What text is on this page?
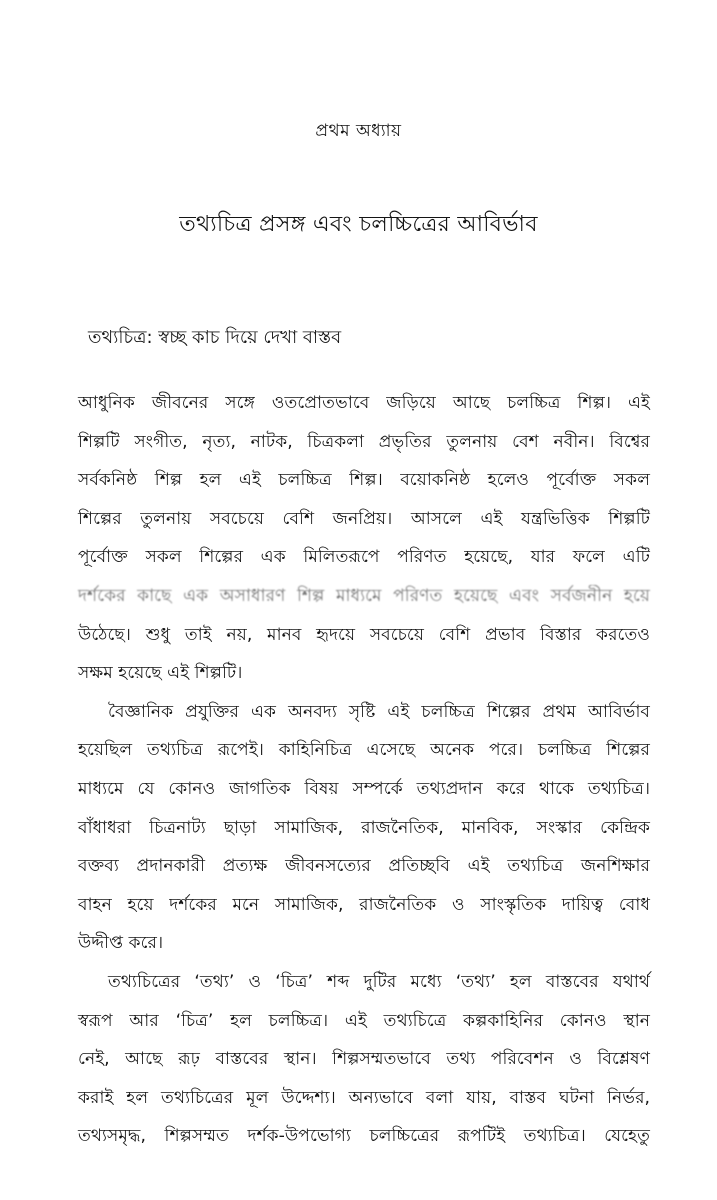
প্রথম অধ্যায়
তথ্যচিত্র প্রসঙ্গ এবং চলচ্চিত্রের আবির্ভাব
তথ্যচিত্র: স্বচ্ছ কাচ দিয়ে দেখা বাস্তব
আধুনিক জীবনের সঙ্গে ওতপ্রোতভাবে জড়িয়ে আছে চলচ্চিত্র শিল্প। এই
শিল্পটি সংগীত, নৃত্য, নাটক, চিত্রকলা প্রভৃতির তুলনায় বেশ নবীন। বিশ্বের
সর্বকনিষ্ঠ শিল্প হল এই চলচ্চিত্র শিল্প। বয়োকনিষ্ঠ হলেও পূর্বোক্ত সকল
শিল্পের তুলনায় সবচেয়ে বেশি জনপ্রিয়। আসলে এই যন্ত্রভিত্তিক শিল্পটি
পূর্বোক্ত সকল শিল্পের এক মিলিতরূপে পরিণত হয়েছে, যার ফলে এটি
দর্শকের কাছে এক অসাধারণ শিল্প মাধ্যমে পরিণত হয়েছে এবং সর্বজনীন হয়ে
উঠেছে। শুধু তাই নয়, মানব হৃদয়ে সবচেয়ে বেশি প্রভাব বিস্তার করতেও
সক্ষম হয়েছে এই শিল্পটি।
বৈজ্ঞানিক প্রযুক্তির এক অনবদ্য সৃষ্টি এই চলচ্চিত্র শিল্পের প্রথম আবির্ভাব
হয়েছিল তথ্যচিত্র রূপেই। কাহিনিচিত্র এসেছে অনেক পরে। চলচ্চিত্র শিল্পের
মাধ্যমে যে কোনও জাগতিক বিষয় সম্পর্কে তথ্যপ্রদান করে থাকে তথ্যচিত্র।
বাঁধাধরা চিত্রনাট্য ছাড়া সামাজিক, রাজনৈতিক, মানবিক, সংস্কার কেন্দ্রিক
বক্তব্য প্রদানকারী প্রত্যক্ষ জীবনসত্যের প্রতিচ্ছবি এই তথ্যচিত্র জনশিক্ষার
বাহন হয়ে দর্শকের মনে সামাজিক, রাজনৈতিক ও সাংস্কৃতিক দায়িত্ব বোধ
উদ্দীপ্ত করে।
তথ্যচিত্রের ‘তথ্য’ ও ‘চিত্র’ শব্দ দুটির মধ্যে ‘তথ্য’ হল বাস্তবের যথার্থ
স্বরূপ আর ‘চিত্র’ হল চলচ্চিত্র। এই তথ্যচিত্রে কল্পকাহিনির কোনও স্থান
নেই, আছে রূঢ় বাস্তবের স্থান। শিল্পসম্মতভাবে তথ্য পরিবেশন ও বিশ্লেষণ
করাই হল তথ্যচিত্রের মূল উদ্দেশ্য। অন্যভাবে বলা যায়, বাস্তব ঘটনা নির্ভর,
তথ্যসমৃদ্ধ, শিল্পসম্মত দর্শক-উপভোগ্য চলচ্চিত্রের রূপটিই তথ্যচিত্র। যেহেতু
